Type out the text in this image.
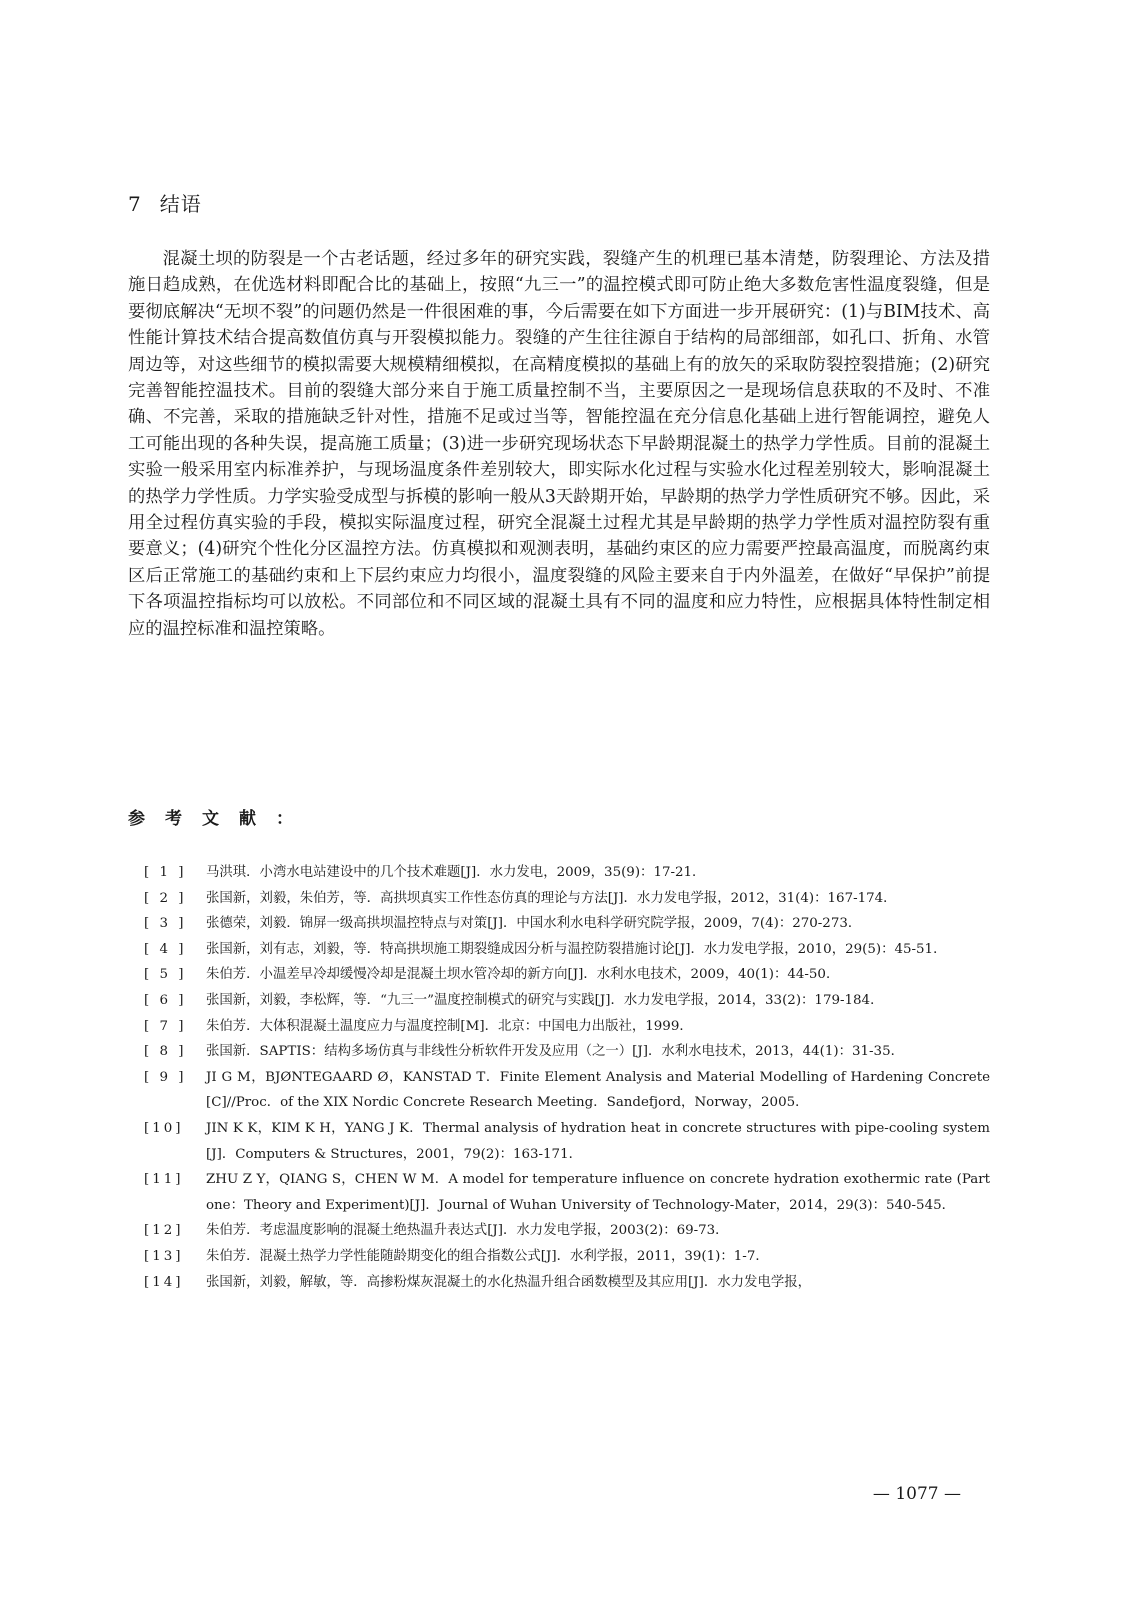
7 结语

混凝土坝的防裂是一个古老话题，经过多年的研究实践，裂缝产生的机理已基本清楚，防裂理论、方法及措施日趋成熟，在优选材料即配合比的基础上，按照“九三一”的温控模式即可防止绝大多数危害性温度裂缝，但是要彻底解决“无坝不裂”的问题仍然是一件很困难的事，今后需要在如下方面进一步开展研究：(1)与BIM技术、高性能计算技术结合提高数值仿真与开裂模拟能力。裂缝的产生往往源自于结构的局部细部，如孔口、折角、水管周边等，对这些细节的模拟需要大规模精细模拟，在高精度模拟的基础上有的放矢的采取防裂控裂措施；(2)研究完善智能控温技术。目前的裂缝大部分来自于施工质量控制不当，主要原因之一是现场信息获取的不及时、不准确、不完善，采取的措施缺乏针对性，措施不足或过当等，智能控温在充分信息化基础上进行智能调控，避免人工可能出现的各种失误，提高施工质量；(3)进一步研究现场状态下早龄期混凝土的热学力学性质。目前的混凝土实验一般采用室内标准养护，与现场温度条件差别较大，即实际水化过程与实验水化过程差别较大，影响混凝土的热学力学性质。力学实验受成型与拆模的影响一般从3天龄期开始，早龄期的热学力学性质研究不够。因此，采用全过程仿真实验的手段，模拟实际温度过程，研究全混凝土过程尤其是早龄期的热学力学性质对温控防裂有重要意义；(4)研究个性化分区温控方法。仿真模拟和观测表明，基础约束区的应力需要严控最高温度，而脱离约束区后正常施工的基础约束和上下层约束应力均很小，温度裂缝的风险主要来自于内外温差，在做好“早保护”前提下各项温控指标均可以放松。不同部位和不同区域的混凝土具有不同的温度和应力特性，应根据具体特性制定相应的温控标准和温控策略。

参考文献：
[ 1 ]	马洪琪．小湾水电站建设中的几个技术难题[J]．水力发电，2009，35(9)：17-21．
[ 2 ]	张国新，刘毅，朱伯芳，等．高拱坝真实工作性态仿真的理论与方法[J]．水力发电学报，2012，31(4)：167-174．
[ 3 ]	张德荣，刘毅．锦屏一级高拱坝温控特点与对策[J]．中国水利水电科学研究院学报，2009，7(4)：270-273．
[ 4 ]	张国新，刘有志，刘毅，等．特高拱坝施工期裂缝成因分析与温控防裂措施讨论[J]．水力发电学报，2010，29(5)：45-51．
[ 5 ]	朱伯芳．小温差早冷却缓慢冷却是混凝土坝水管冷却的新方向[J]．水利水电技术，2009，40(1)：44-50．
[ 6 ]	张国新，刘毅，李松辉，等．“九三一”温度控制模式的研究与实践[J]．水力发电学报，2014，33(2)：179-184．
[ 7 ]	朱伯芳．大体积混凝土温度应力与温度控制[M]．北京：中国电力出版社，1999．
[ 8 ]	张国新．SAPTIS：结构多场仿真与非线性分析软件开发及应用（之一）[J]．水利水电技术，2013，44(1)：31-35．
[ 9 ]	JI G M，BJØNTEGAARD Ø，KANSTAD T．Finite Element Analysis and Material Modelling of Hardening Concrete[C]//Proc．of the XIX Nordic Concrete Research Meeting．Sandefjord，Norway，2005．
[10]	JIN K K，KIM K H，YANG J K．Thermal analysis of hydration heat in concrete structures with pipe-cooling system[J]．Computers & Structures，2001，79(2)：163-171．
[11]	ZHU Z Y，QIANG S，CHEN W M．A model for temperature influence on concrete hydration exothermic rate (Part one：Theory and Experiment)[J]．Journal of Wuhan University of Technology-Mater，2014，29(3)：540-545．
[12]	朱伯芳．考虑温度影响的混凝土绝热温升表达式[J]．水力发电学报，2003(2)：69-73．
[13]	朱伯芳．混凝土热学力学性能随龄期变化的组合指数公式[J]．水利学报，2011，39(1)：1-7．
[14]	张国新，刘毅，解敏，等．高掺粉煤灰混凝土的水化热温升组合函数模型及其应用[J]．水力发电学报，
— 1077 —
